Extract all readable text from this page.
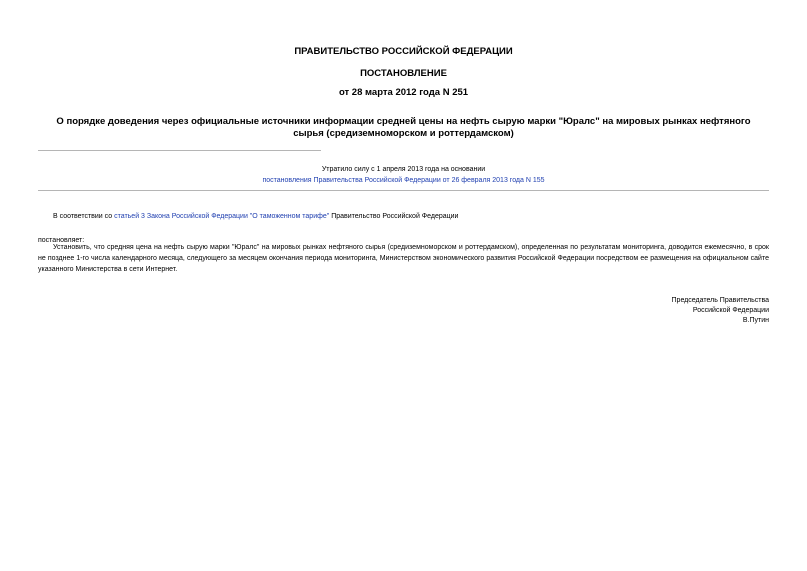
ПРАВИТЕЛЬСТВО РОССИЙСКОЙ ФЕДЕРАЦИИ
ПОСТАНОВЛЕНИЕ
от 28 марта 2012 года N 251
О порядке доведения через официальные источники информации средней цены на нефть сырую марки "Юралс" на мировых рынках нефтяного сырья (средиземноморском и роттердамском)
Утратило силу с 1 апреля 2013 года на основании
постановления Правительства Российской Федерации от 26 февраля 2013 года N 155
В соответствии со статьей 3 Закона Российской Федерации "О таможенном тарифе" Правительство Российской Федерации
постановляет:
Установить, что средняя цена на нефть сырую марки "Юралс" на мировых рынках нефтяного сырья (средиземноморском и роттердамском), определенная по результатам мониторинга, доводится ежемесячно, в срок не позднее 1-го числа календарного месяца, следующего за месяцем окончания периода мониторинга, Министерством экономического развития Российской Федерации посредством ее размещения на официальном сайте указанного Министерства в сети Интернет.
Председатель Правительства
Российской Федерации
В.Путин
